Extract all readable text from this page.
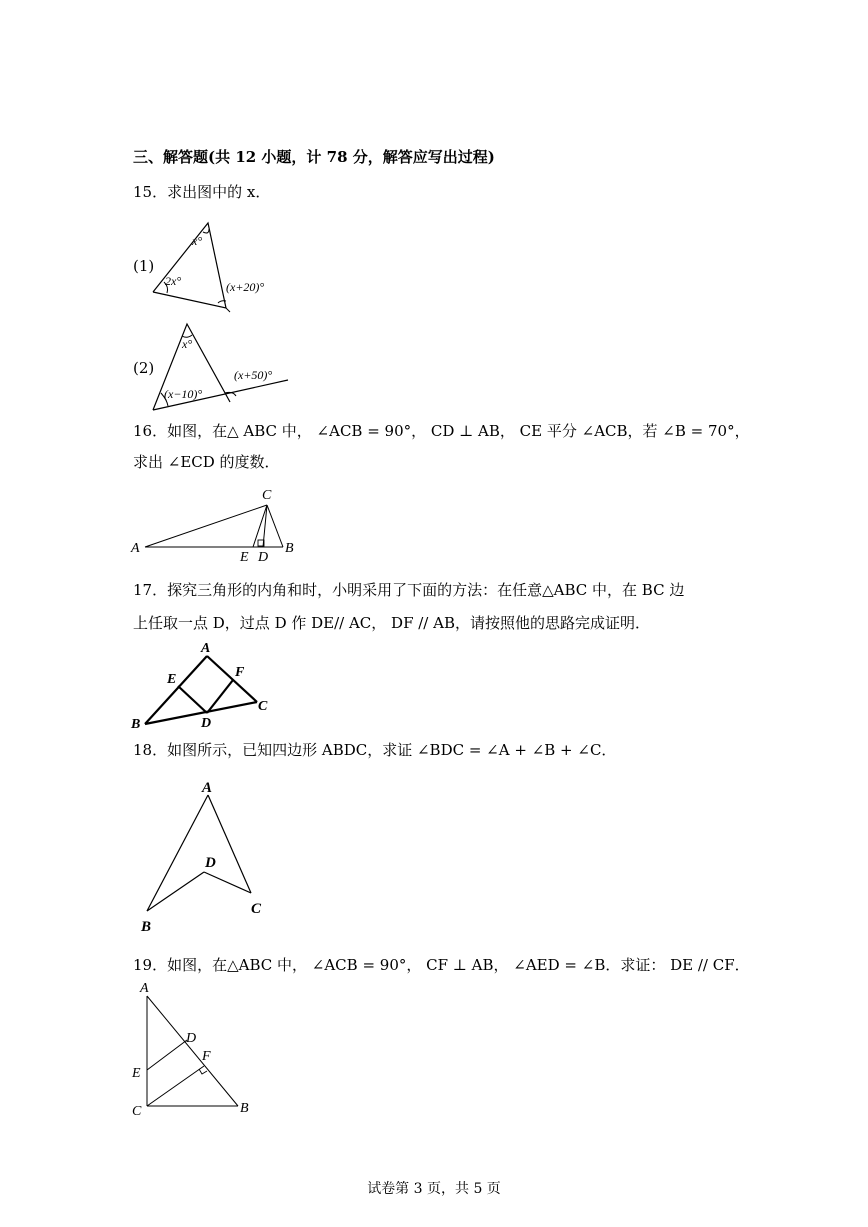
三、解答题(共 12 小题，计 78 分，解答应写出过程)
15．求出图中的 x．
(1)
(2)
x°
2x°	(x+20)°
x°
(x−10)°
(x+50)°
16．如图，在△ ABC 中， ∠ACB = 90°， CD ⊥ AB， CE 平分 ∠ACB，若 ∠B = 70°，
求出 ∠ECD 的度数．
A
C
E D
B
17．探究三角形的内角和时，小明采用了下面的方法：在任意△ABC 中，在 BC 边
上任取一点 D，过点 D 作 DE// AC， DF // AB，请按照他的思路完成证明．
A
E	F
B	D
C
18．如图所示，已知四边形 ABDC，求证 ∠BDC = ∠A + ∠B + ∠C．
A
D
B
C
19．如图，在△ABC 中， ∠ACB = 90°， CF ⊥ AB， ∠AED = ∠B．求证： DE // CF．
A
D
F
E
C	B
试卷第 3 页，共 5 页
